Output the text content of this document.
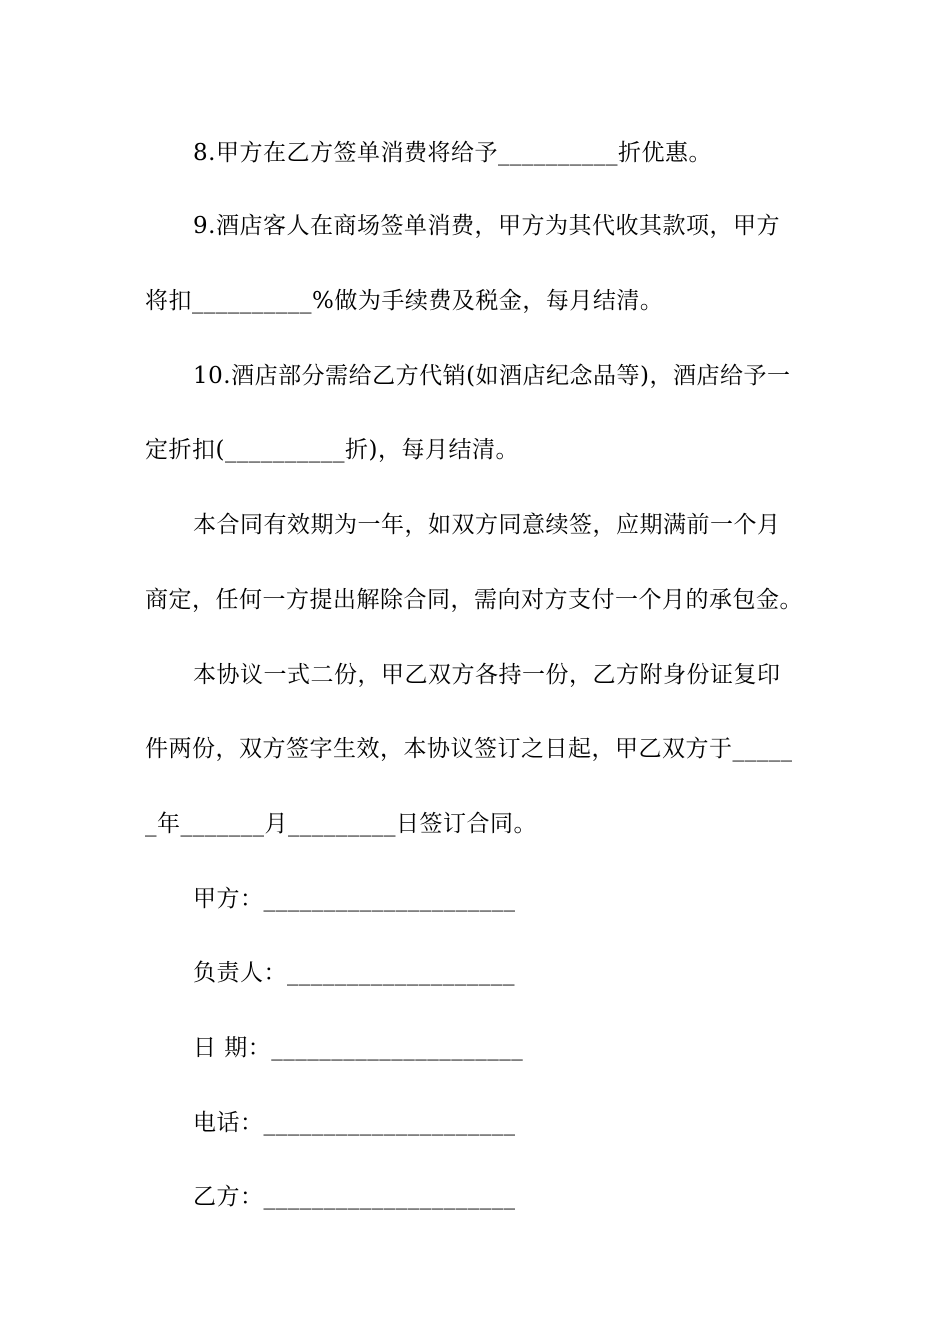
8.甲方在乙方签单消费将给予__________折优惠。
9.酒店客人在商场签单消费，甲方为其代收其款项，甲方
将扣__________%做为手续费及税金，每月结清。
10.酒店部分需给乙方代销(如酒店纪念品等)，酒店给予一
定折扣(__________折)，每月结清。
本合同有效期为一年，如双方同意续签，应期满前一个月
商定，任何一方提出解除合同，需向对方支付一个月的承包金。
本协议一式二份，甲乙双方各持一份，乙方附身份证复印
件两份，双方签字生效，本协议签订之日起，甲乙双方于_____
_年_______月_________日签订合同。
甲方：_____________________
负责人：___________________
日 期：_____________________
电话：_____________________
乙方：_____________________
